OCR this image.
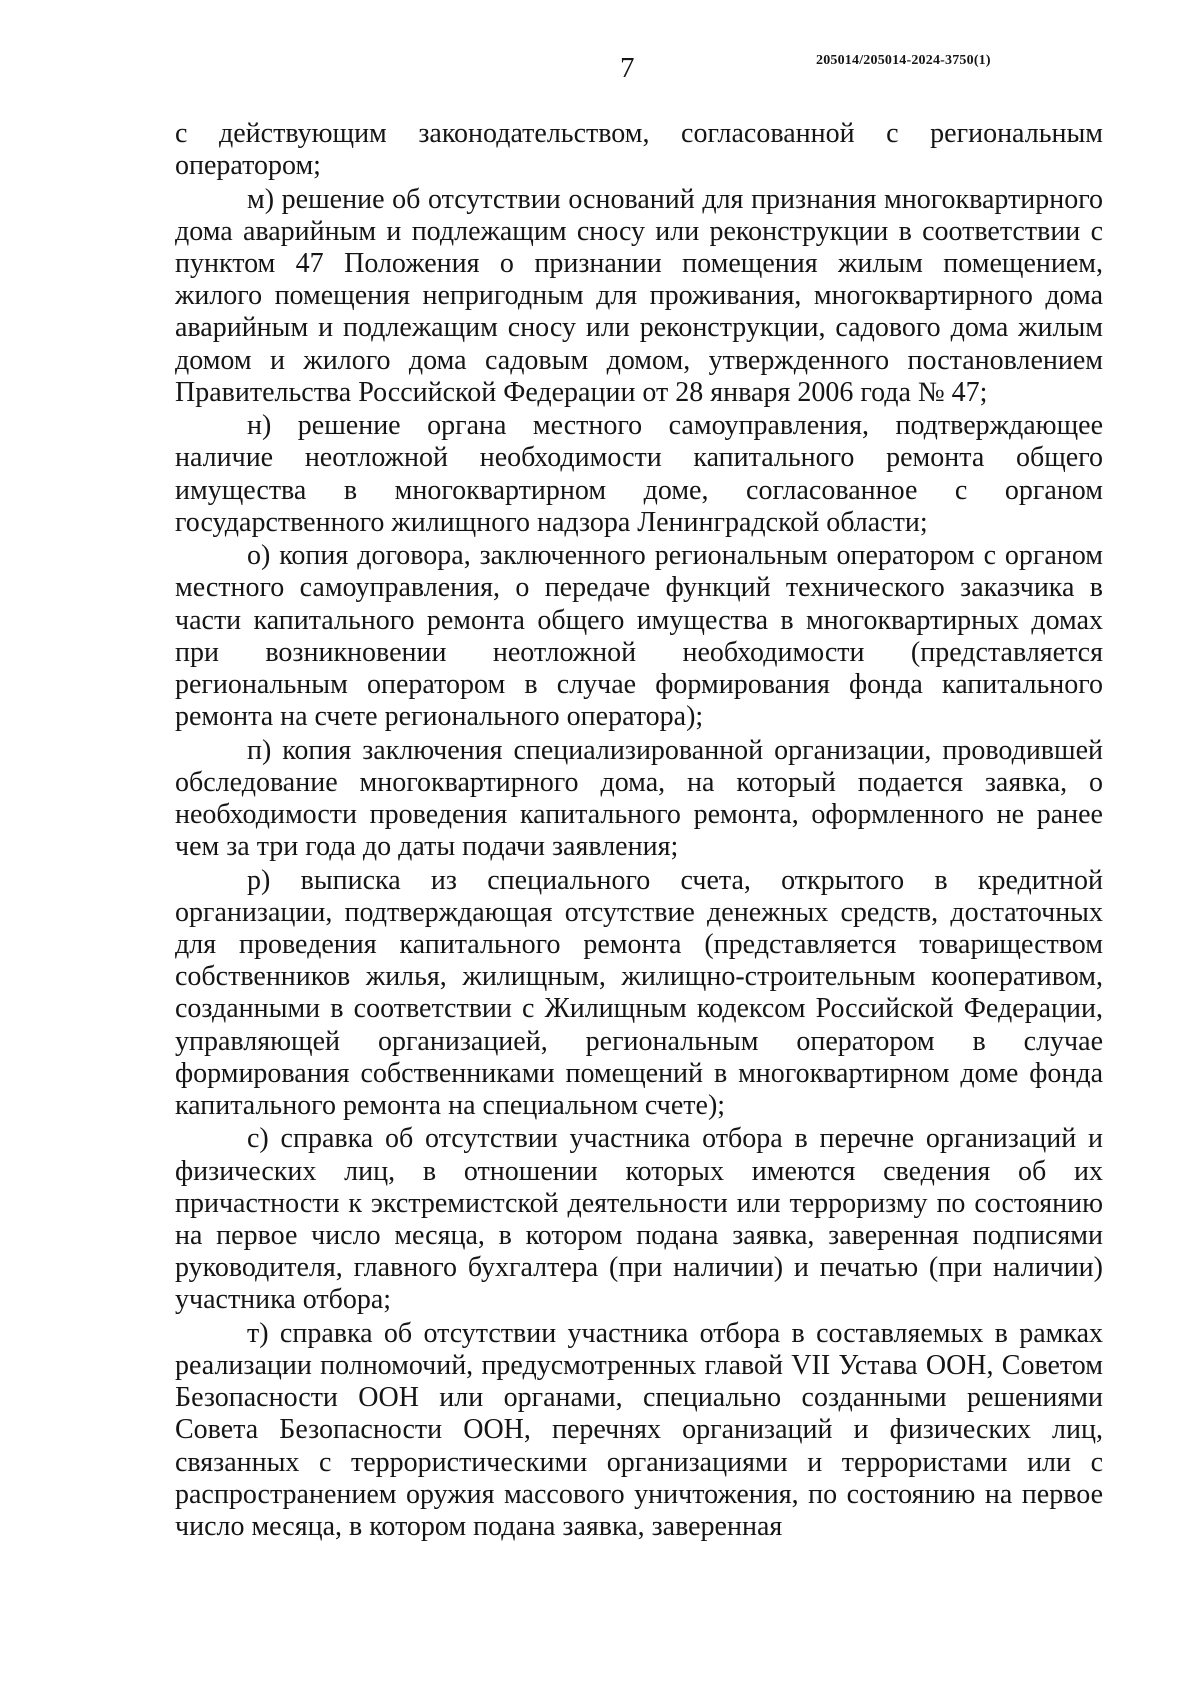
7	205014/205014-2024-3750(1)

с действующим законодательством, согласованной с региональным оператором;

м) решение об отсутствии оснований для признания многоквартирного дома аварийным и подлежащим сносу или реконструкции в соответствии с пунктом 47 Положения о признании помещения жилым помещением, жилого помещения непригодным для проживания, многоквартирного дома аварийным и подлежащим сносу или реконструкции, садового дома жилым домом и жилого дома садовым домом, утвержденного постановлением Правительства Российской Федерации от 28 января 2006 года № 47;

н) решение органа местного самоуправления, подтверждающее наличие неотложной необходимости капитального ремонта общего имущества в многоквартирном доме, согласованное с органом государственного жилищного надзора Ленинградской области;

о) копия договора, заключенного региональным оператором с органом местного самоуправления, о передаче функций технического заказчика в части капитального ремонта общего имущества в многоквартирных домах при возникновении неотложной необходимости (представляется региональным оператором в случае формирования фонда капитального ремонта на счете регионального оператора);

п) копия заключения специализированной организации, проводившей обследование многоквартирного дома, на который подается заявка, о необходимости проведения капитального ремонта, оформленного не ранее чем за три года до даты подачи заявления;

р) выписка из специального счета, открытого в кредитной организации, подтверждающая отсутствие денежных средств, достаточных для проведения капитального ремонта (представляется товариществом собственников жилья, жилищным, жилищно-строительным кооперативом, созданными в соответствии с Жилищным кодексом Российской Федерации, управляющей организацией, региональным оператором в случае формирования собственниками помещений в многоквартирном доме фонда капитального ремонта на специальном счете);

с) справка об отсутствии участника отбора в перечне организаций и физических лиц, в отношении которых имеются сведения об их причастности к экстремистской деятельности или терроризму по состоянию на первое число месяца, в котором подана заявка, заверенная подписями руководителя, главного бухгалтера (при наличии) и печатью (при наличии) участника отбора;

т) справка об отсутствии участника отбора в составляемых в рамках реализации полномочий, предусмотренных главой VII Устава ООН, Советом Безопасности ООН или органами, специально созданными решениями Совета Безопасности ООН, перечнях организаций и физических лиц, связанных с террористическими организациями и террористами или с распространением оружия массового уничтожения, по состоянию на первое число месяца, в котором подана заявка, заверенная
